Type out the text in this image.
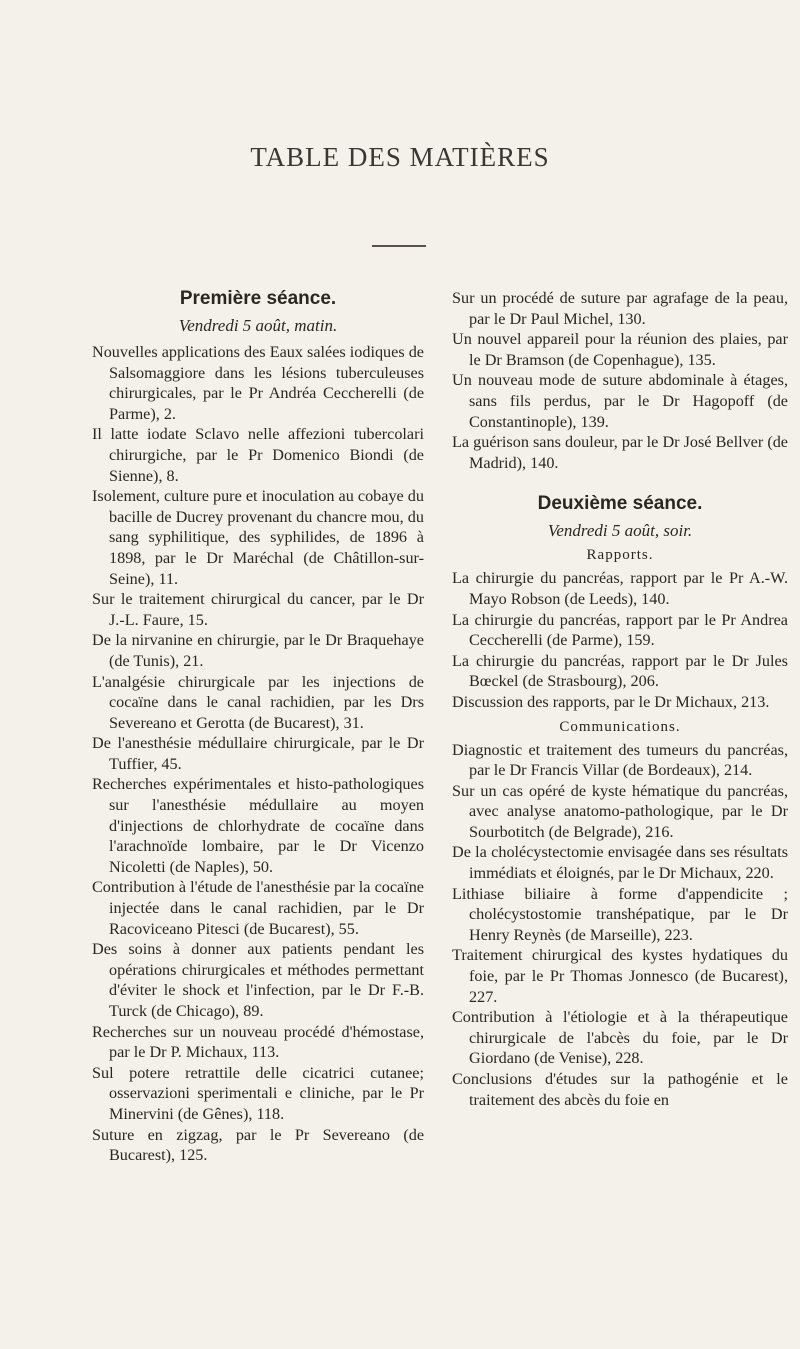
TABLE DES MATIÈRES

Première séance.

Vendredi 5 août, matin.

Nouvelles applications des Eaux salées iodiques de Salsomaggiore dans les lésions tuberculeuses chirurgicales, par le Pr Andréa Ceccherelli (de Parme), 2.

Il latte iodate Sclavo nelle affezioni tubercolari chirurgiche, par le Pr Domenico Biondi (de Sienne), 8.

Isolement, culture pure et inoculation au cobaye du bacille de Ducrey provenant du chancre mou, du sang syphilitique, des syphilides, de 1896 à 1898, par le Dr Maréchal (de Châtillon-sur-Seine), 11.

Sur le traitement chirurgical du cancer, par le Dr J.-L. Faure, 15.

De la nirvanine en chirurgie, par le Dr Braquehaye (de Tunis), 21.

L'analgésie chirurgicale par les injections de cocaïne dans le canal rachidien, par les Drs Severeano et Gerotta (de Bucarest), 31.

De l'anesthésie médullaire chirurgicale, par le Dr Tuffier, 45.

Recherches expérimentales et histo-pathologiques sur l'anesthésie médullaire au moyen d'injections de chlorhydrate de cocaïne dans l'arachnoïde lombaire, par le Dr Vicenzo Nicoletti (de Naples), 50.

Contribution à l'étude de l'anesthésie par la cocaïne injectée dans le canal rachidien, par le Dr Racoviceano Pitesci (de Bucarest), 55.

Des soins à donner aux patients pendant les opérations chirurgicales et méthodes permettant d'éviter le shock et l'infection, par le Dr F.-B. Turck (de Chicago), 89.

Recherches sur un nouveau procédé d'hémostase, par le Dr P. Michaux, 113.

Sul potere retrattile delle cicatrici cutanee; osservazioni sperimentali e cliniche, par le Pr Minervini (de Gênes), 118.

Suture en zigzag, par le Pr Severeano (de Bucarest), 125.

Sur un procédé de suture par agrafage de la peau, par le Dr Paul Michel, 130.

Un nouvel appareil pour la réunion des plaies, par le Dr Bramson (de Copenhague), 135.

Un nouveau mode de suture abdominale à étages, sans fils perdus, par le Dr Hagopoff (de Constantinople), 139.

La guérison sans douleur, par le Dr José Bellver (de Madrid), 140.

Deuxième séance.

Vendredi 5 août, soir.

Rapports.

La chirurgie du pancréas, rapport par le Pr A.-W. Mayo Robson (de Leeds), 140.

La chirurgie du pancréas, rapport par le Pr Andrea Ceccherelli (de Parme), 159.

La chirurgie du pancréas, rapport par le Dr Jules Bœckel (de Strasbourg), 206.

Discussion des rapports, par le Dr Michaux, 213.

Communications.

Diagnostic et traitement des tumeurs du pancréas, par le Dr Francis Villar (de Bordeaux), 214.

Sur un cas opéré de kyste hématique du pancréas, avec analyse anatomo-pathologique, par le Dr Sourbotitch (de Belgrade), 216.

De la cholécystectomie envisagée dans ses résultats immédiats et éloignés, par le Dr Michaux, 220.

Lithiase biliaire à forme d'appendicite ; cholécystostomie transhépatique, par le Dr Henry Reynès (de Marseille), 223.

Traitement chirurgical des kystes hydatiques du foie, par le Pr Thomas Jonnesco (de Bucarest), 227.

Contribution à l'étiologie et à la thérapeutique chirurgicale de l'abcès du foie, par le Dr Giordano (de Venise), 228.

Conclusions d'études sur la pathogénie et le traitement des abcès du foie en
